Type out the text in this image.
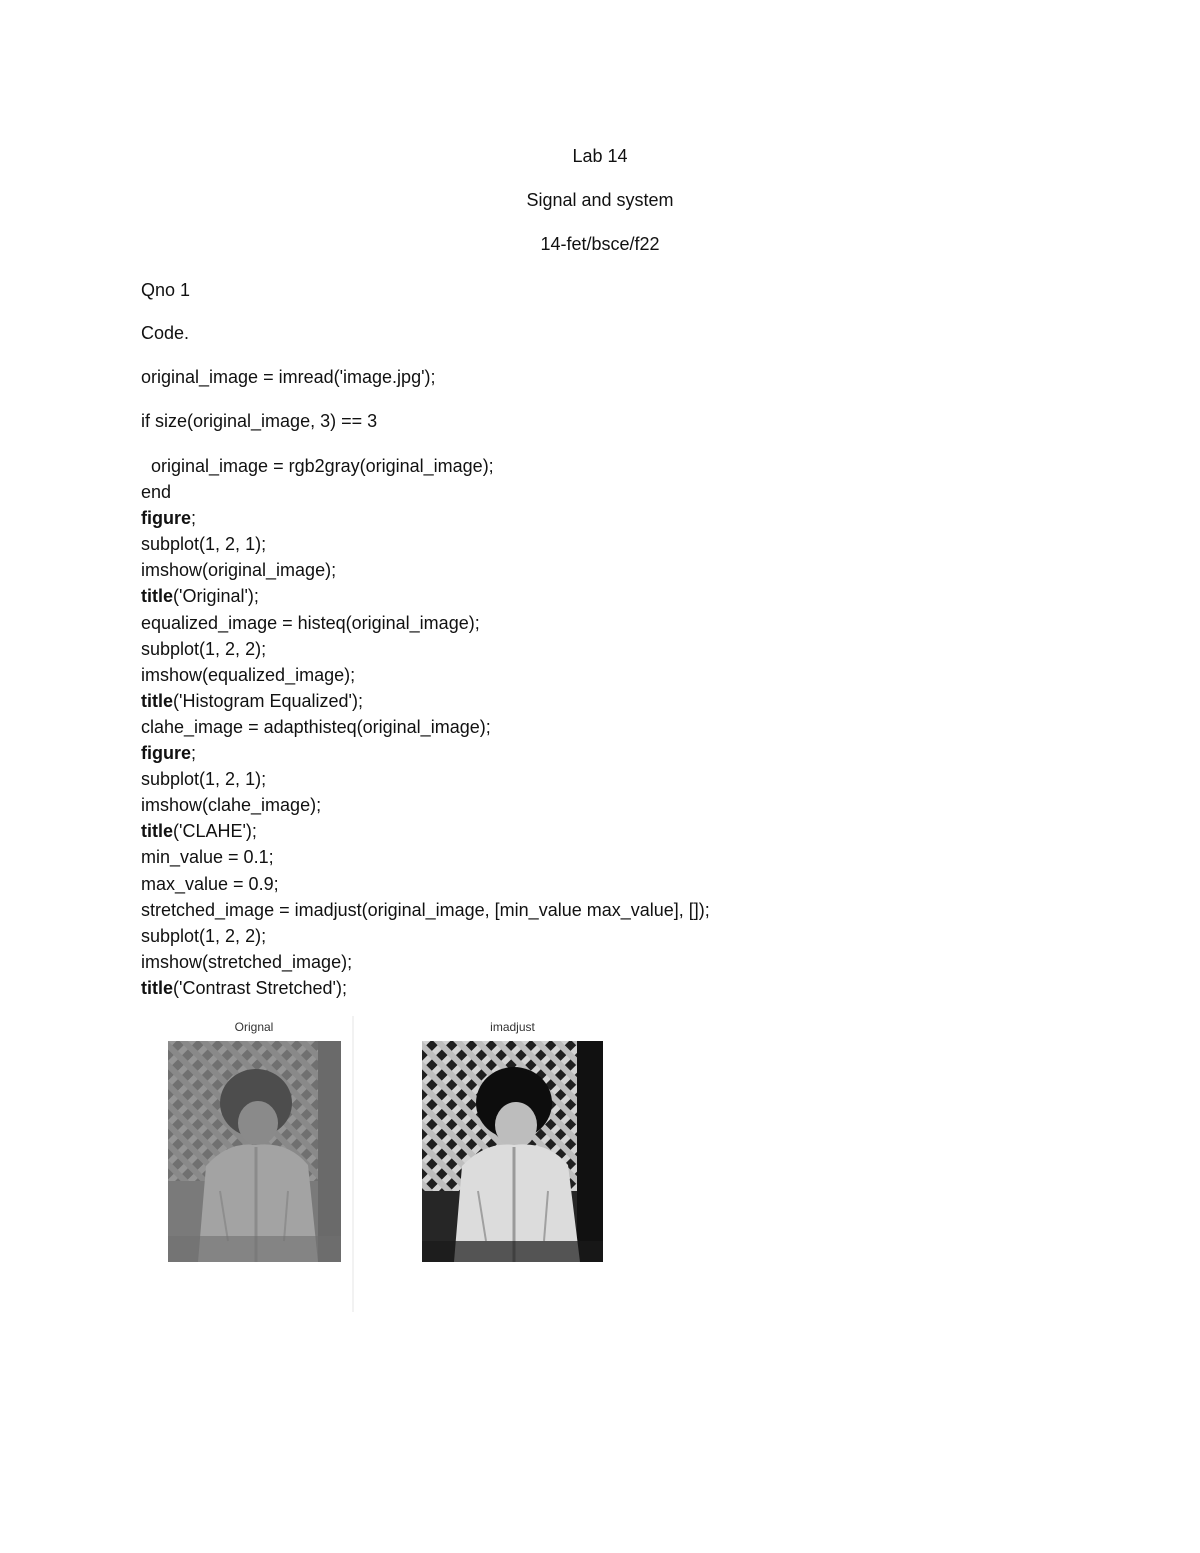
Lab 14
Signal and system
14-fet/bsce/f22
Qno 1
Code.
original_image = imread('image.jpg');
if size(original_image, 3) == 3
original_image = rgb2gray(original_image);
end
figure;
subplot(1, 2, 1);
imshow(original_image);
title('Original');
equalized_image = histeq(original_image);
subplot(1, 2, 2);
imshow(equalized_image);
title('Histogram Equalized');
clahe_image = adapthisteq(original_image);
figure;
subplot(1, 2, 1);
imshow(clahe_image);
title('CLAHE');
min_value = 0.1;
max_value = 0.9;
stretched_image = imadjust(original_image, [min_value max_value], []);
subplot(1, 2, 2);
imshow(stretched_image);
title('Contrast Stretched');
Orignal	imadjust
